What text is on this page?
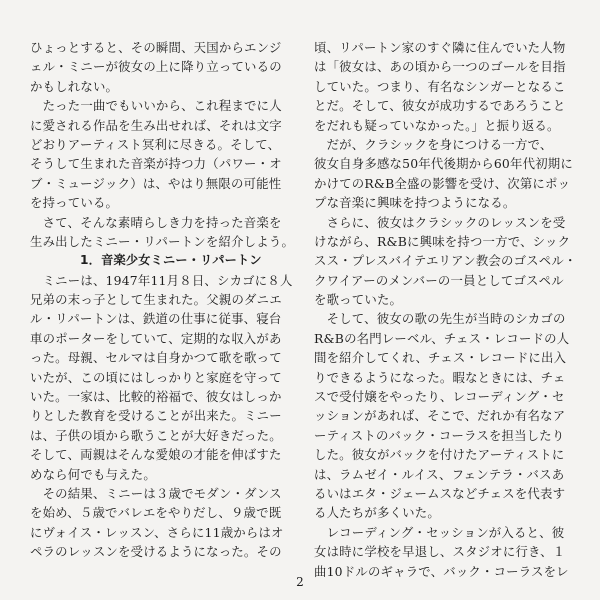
ひょっとすると、その瞬間、天国からエンジ
ェル・ミニーが彼女の上に降り立っているの
かもしれない。
　たった一曲でもいいから、これ程までに人
に愛される作品を生み出せれば、それは文字
どおりアーティスト冥利に尽きる。そして、
そうして生まれた音楽が持つ力（パワー・オ
ブ・ミュージック）は、やはり無限の可能性
を持っている。
　さて、そんな素晴らしき力を持った音楽を
生み出したミニー・リパートンを紹介しよう。
1．音楽少女ミニー・リパートン
　ミニーは、1947年11月８日、シカゴに８人
兄弟の末っ子として生まれた。父親のダニエ
ル・リパートンは、鉄道の仕事に従事、寝台
車のポーターをしていて、定期的な収入があ
った。母親、セルマは自身かつて歌を歌って
いたが、この頃にはしっかりと家庭を守って
いた。一家は、比較的裕福で、彼女はしっか
りとした教育を受けることが出来た。ミニー
は、子供の頃から歌うことが大好きだった。
そして、両親はそんな愛娘の才能を伸ばすた
めなら何でも与えた。
　その結果、ミニーは３歳でモダン・ダンス
を始め、５歳でバレエをやりだし、９歳で既
にヴォイス・レッスン、さらに11歳からはオ
ペラのレッスンを受けるようになった。その
頃、リパートン家のすぐ隣に住んでいた人物
は「彼女は、あの頃から一つのゴールを目指
していた。つまり、有名なシンガーとなるこ
とだ。そして、彼女が成功するであろうこと
をだれも疑っていなかった。」と振り返る。
　だが、クラシックを身につける一方で、
彼女自身多感な50年代後期から60年代初期に
かけてのR&B全盛の影響を受け、次第にポッ
プな音楽に興味を持つようになる。
　さらに、彼女はクラシックのレッスンを受
けながら、R&Bに興味を持つ一方で、シック
スス・プレスバイテエリアン教会のゴスペル・
クワイアーのメンバーの一員としてゴスペル
を歌っていた。
　そして、彼女の歌の先生が当時のシカゴの
R&Bの名門レーベル、チェス・レコードの人
間を紹介してくれ、チェス・レコードに出入
りできるようになった。暇なときには、チェ
スで受付嬢をやったり、レコーディング・セ
ッションがあれば、そこで、だれか有名なア
ーティストのバック・コーラスを担当したり
した。彼女がバックを付けたアーティストに
は、ラムゼイ・ルイス、フェンテラ・バスあ
るいはエタ・ジェームスなどチェスを代表す
る人たちが多くいた。
　レコーディング・セッションが入ると、彼
女は時に学校を早退し、スタジオに行き、１
曲10ドルのギャラで、バック・コーラスをレ
2
